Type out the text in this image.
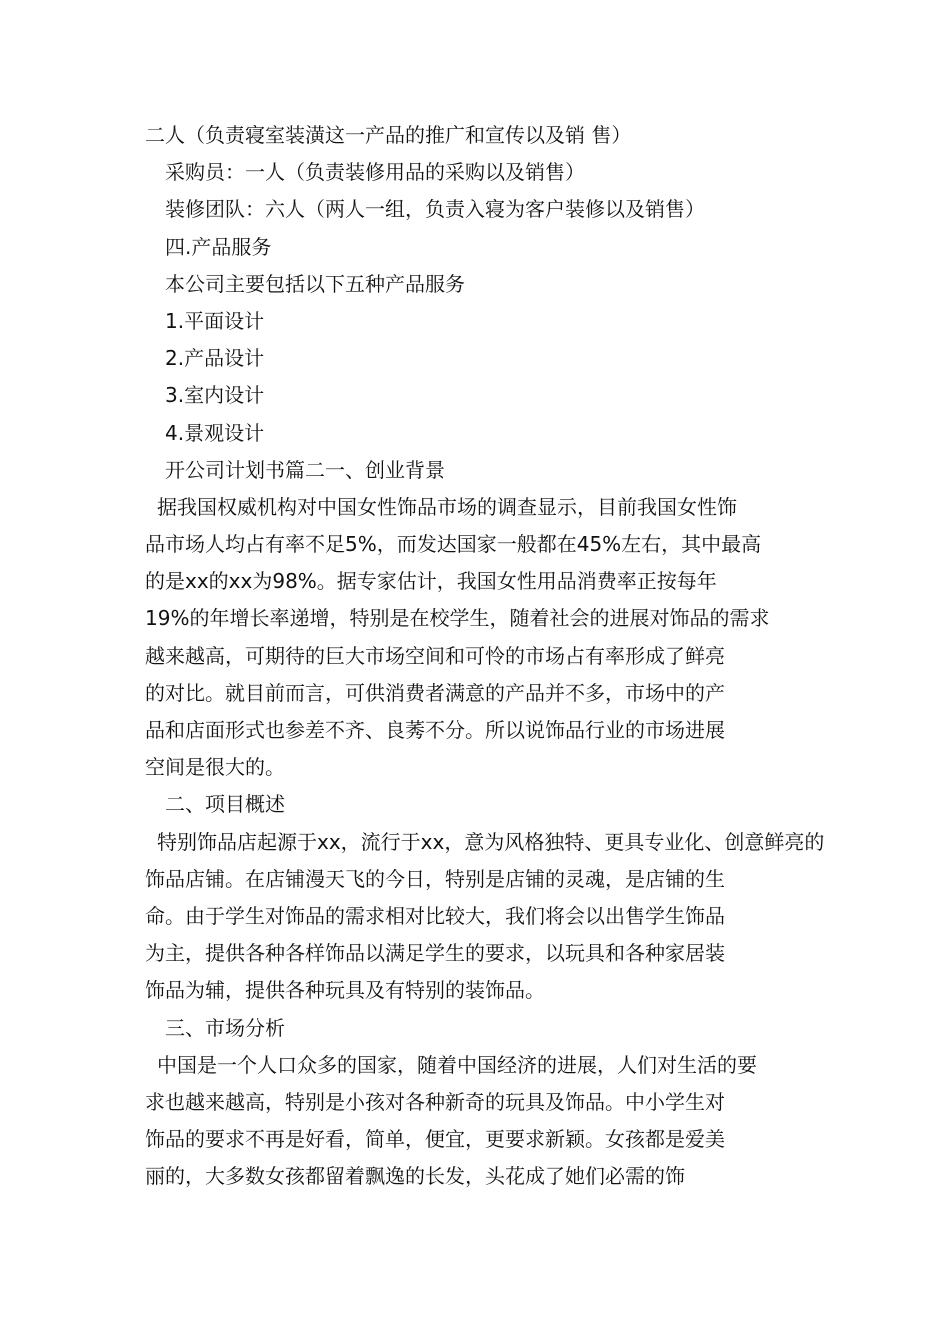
二人（负责寝室装潢这一产品的推广和宣传以及销 售）
采购员：一人（负责装修用品的采购以及销售）
装修团队：六人（两人一组，负责入寝为客户装修以及销售）
四.产品服务
本公司主要包括以下五种产品服务
1.平面设计
2.产品设计
3.室内设计
4.景观设计
开公司计划书篇二一、创业背景
据我国权威机构对中国女性饰品市场的调查显示，目前我国女性饰
品市场人均占有率不足5%，而发达国家一般都在45%左右，其中最高
的是xx的xx为98%。据专家估计，我国女性用品消费率正按每年
19%的年增长率递增，特别是在校学生，随着社会的进展对饰品的需求
越来越高，可期待的巨大市场空间和可怜的市场占有率形成了鲜亮
的对比。就目前而言，可供消费者满意的产品并不多，市场中的产
品和店面形式也参差不齐、良莠不分。所以说饰品行业的市场进展
空间是很大的。
二、项目概述
特别饰品店起源于xx，流行于xx，意为风格独特、更具专业化、创意鲜亮的
饰品店铺。在店铺漫天飞的今日，特别是店铺的灵魂，是店铺的生
命。由于学生对饰品的需求相对比较大，我们将会以出售学生饰品
为主，提供各种各样饰品以满足学生的要求，以玩具和各种家居装
饰品为辅，提供各种玩具及有特别的装饰品。
三、市场分析
中国是一个人口众多的国家，随着中国经济的进展，人们对生活的要
求也越来越高，特别是小孩对各种新奇的玩具及饰品。中小学生对
饰品的要求不再是好看，简单，便宜，更要求新颖。女孩都是爱美
丽的，大多数女孩都留着飘逸的长发，头花成了她们必需的饰
